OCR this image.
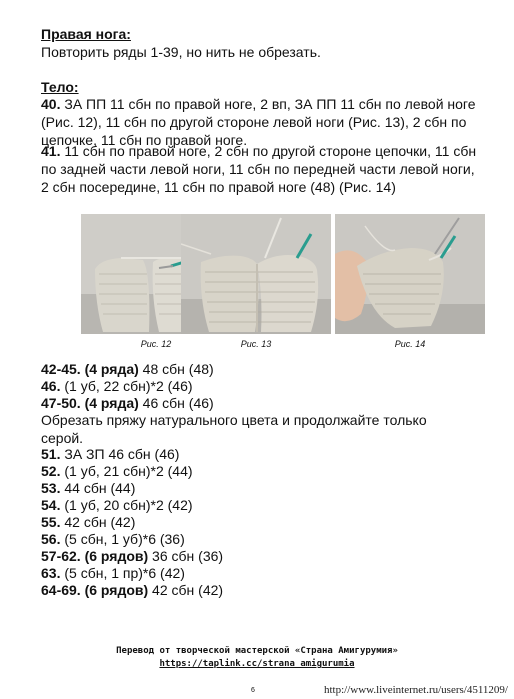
Правая нога:
Повторить ряды 1-39, но нить не обрезать.
Тело:
40. ЗА ПП 11 сбн по правой ноге, 2 вп, ЗА ПП 11 сбн по левой ноге (Рис. 12), 11 сбн по другой стороне левой ноги (Рис. 13), 2 сбн по цепочке, 11 сбн по правой ноге.
41. 11 сбн по правой ноге, 2 сбн по другой стороне цепочки, 11 сбн по задней части левой ноги, 11 сбн по передней части левой ноги, 2 сбн посередине, 11 сбн по правой ноге (48) (Рис. 14)
Рис. 12	Рис. 13	Рис. 14
42-45. (4 ряда) 48 сбн (48)
46. (1 уб, 22 сбн)*2 (46)
47-50. (4 ряда) 46 сбн (46)
Обрезать пряжу натурального цвета и продолжайте только серой.
51. ЗА ЗП 46 сбн (46)
52. (1 уб, 21 сбн)*2 (44)
53. 44 сбн (44)
54. (1 уб, 20 сбн)*2 (42)
55. 42 сбн (42)
56. (5 сбн, 1 уб)*6 (36)
57-62. (6 рядов) 36 сбн (36)
63. (5 сбн, 1 пр)*6 (42)
64-69. (6 рядов) 42 сбн (42)
Перевод от творческой мастерской «Страна Амигурумия»
https://taplink.cc/strana_amigurumia
6	http://www.liveinternet.ru/users/4511209/
